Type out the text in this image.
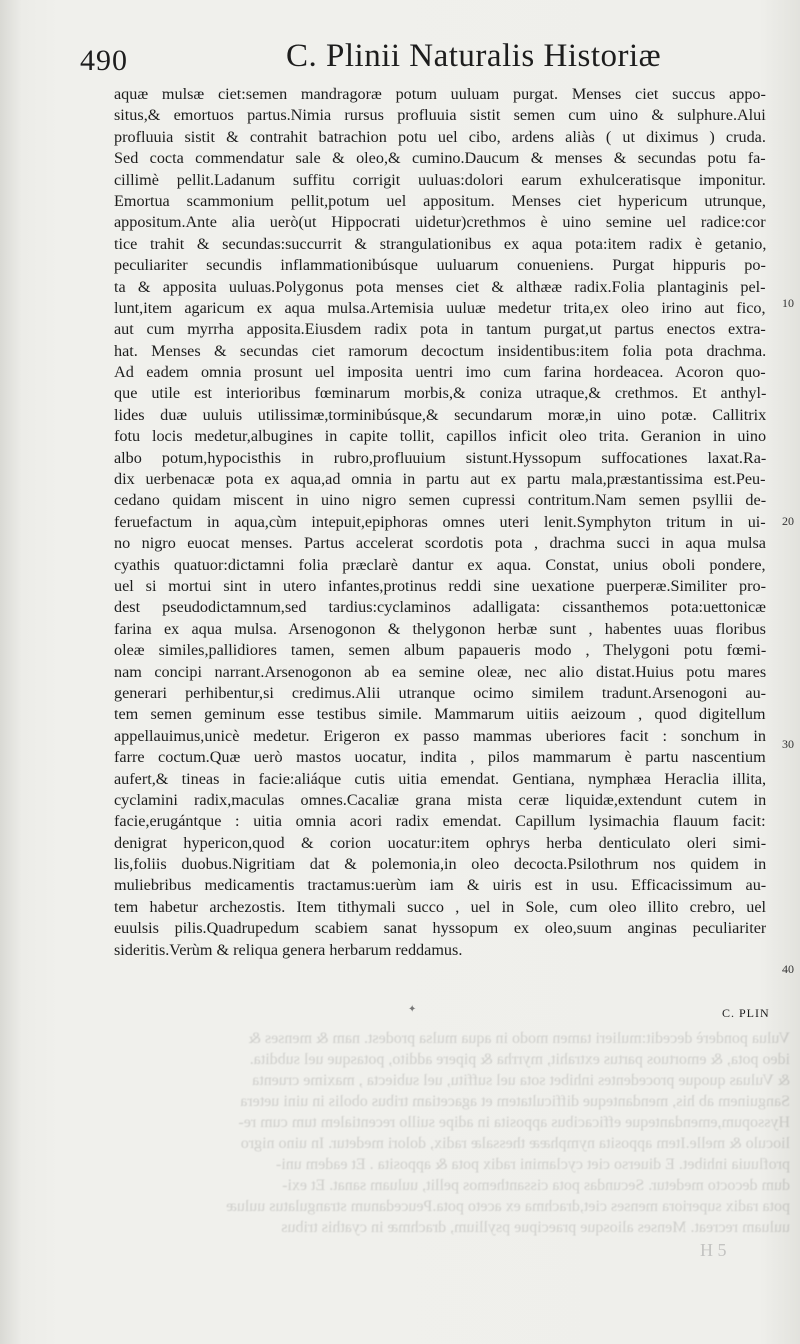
490	C. Plinii Naturalis Historiæ
aquæ mulsæ ciet:semen mandragoræ potum uuluam purgat. Menses ciet succus appo-
situs,& emortuos partus.Nimia rursus profluuia sistit semen cum uino & sulphure.Alui
profluuia sistit & contrahit batrachion potu uel cibo, ardens aliàs ( ut diximus ) cruda.
Sed cocta commendatur sale & oleo,& cumino.Daucum & menses & secundas potu fa-
cillimè pellit.Ladanum suffitu corrigit uuluas:dolori earum exhulceratisque imponitur.
Emortua scammonium pellit,potum uel appositum. Menses ciet hypericum utrunque,
appositum.Ante alia uerò(ut Hippocrati uidetur)crethmos è uino semine uel radice:cor
tice trahit & secundas:succurrit & strangulationibus ex aqua pota:item radix è getanio,
peculiariter secundis inflammationibúsque uuluarum conueniens. Purgat hippuris po-
ta & apposita uuluas.Polygonus pota menses ciet & althææ radix.Folia plantaginis pel-
lunt,item agaricum ex aqua mulsa.Artemisia uuluæ medetur trita,ex oleo irino aut fico,
aut cum myrrha apposita.Eiusdem radix pota in tantum purgat,ut partus enectos extra-
hat. Menses & secundas ciet ramorum decoctum insidentibus:item folia pota drachma.
Ad eadem omnia prosunt uel imposita uentri imo cum farina hordeacea. Acoron quo-
que utile est interioribus fœminarum morbis,& coniza utraque,& crethmos. Et anthyl-
lides duæ uuluis utilissimæ,torminibúsque,& secundarum moræ,in uino potæ. Callitrix
fotu locis medetur,albugines in capite tollit, capillos inficit oleo trita. Geranion in uino
albo potum,hypocisthis in rubro,profluuium sistunt.Hyssopum suffocationes laxat.Ra-
dix uerbenacæ pota ex aqua,ad omnia in partu aut ex partu mala,præstantissima est.Peu-
cedano quidam miscent in uino nigro semen cupressi contritum.Nam semen psyllii de-
feruefactum in aqua,cùm intepuit,epiphoras omnes uteri lenit.Symphyton tritum in ui-
no nigro euocat menses. Partus accelerat scordotis pota , drachma succi in aqua mulsa
cyathis quatuor:dictamni folia præclarè dantur ex aqua. Constat, unius oboli pondere,
uel si mortui sint in utero infantes,protinus reddi sine uexatione puerperæ.Similiter pro-
dest pseudodictamnum,sed tardius:cyclaminos adalligata: cissanthemos pota:uettonicæ
farina ex aqua mulsa. Arsenogonon & thelygonon herbæ sunt , habentes uuas floribus
oleæ similes,pallidiores tamen, semen album papaueris modo , Thelygoni potu fœmi-
nam concipi narrant.Arsenogonon ab ea semine oleæ, nec alio distat.Huius potu mares
generari perhibentur,si credimus.Alii utranque ocimo similem tradunt.Arsenogoni au-
tem semen geminum esse testibus simile. Mammarum uitiis aeizoum , quod digitellum
appellauimus,unicè medetur. Erigeron ex passo mammas uberiores facit : sonchum in
farre coctum.Quæ uerò mastos uocatur, indita , pilos mammarum è partu nascentium
aufert,& tineas in facie:aliáque cutis uitia emendat. Gentiana, nymphæa Heraclia illita,
cyclamini radix,maculas omnes.Cacaliæ grana mista ceræ liquidæ,extendunt cutem in
facie,erugántque : uitia omnia acori radix emendat. Capillum lysimachia flauum facit:
denigrat hypericon,quod & corion uocatur:item ophrys herba denticulato oleri simi-
lis,foliis duobus.Nigritiam dat & polemonia,in oleo decocta.Psilothrum nos quidem in
muliebribus medicamentis tractamus:uerùm iam & uiris est in usu. Efficacissimum au-
tem habetur archezostis. Item tithymali succo , uel in Sole, cum oleo illito crebro, uel
euulsis pilis.Quadrupedum scabiem sanat hyssopum ex oleo,suum anginas peculiariter
sideritis.Verùm & reliqua genera herbarum reddamus.
10
20
30
40
✦	C. PLIN
Vulua ponderè decedit:mulieri tamen modo in aqua mulsa prodest. nam & menses &
ideo pota, & emortuos partus extrahit, myrrha & pipere addito, potasque uel subdita.
& Vuluas quoque procedentes inhibet sota uel suffitu, uel subiecta , maxime cruenta
Sanguinem ab his, mendanteque difficultatem et agacetiam tribus obolis in uini uetera
Hyssopum,emendanteque efficacibus apposita in adipe suillo recentialem tum cum re-
lioculo & melle.Item apposita nymphææ thessalæ radix, dolori medetur. In uino nigro
profluuia inhibet. E diuerso ciet cyclamini radix pota & apposita . Et eadem uni-
dum decocto medetur. Secundas pota cissanthemos pellit, uuluam sanat. Et exi-
pota radix superiora menses ciet,drachma ex aceto pota.Peucedanum strangulatus uuluæ
uuluam recreat. Menses aliosque praecipue psyllium, drachmæ in cyathis tribus
H 5
